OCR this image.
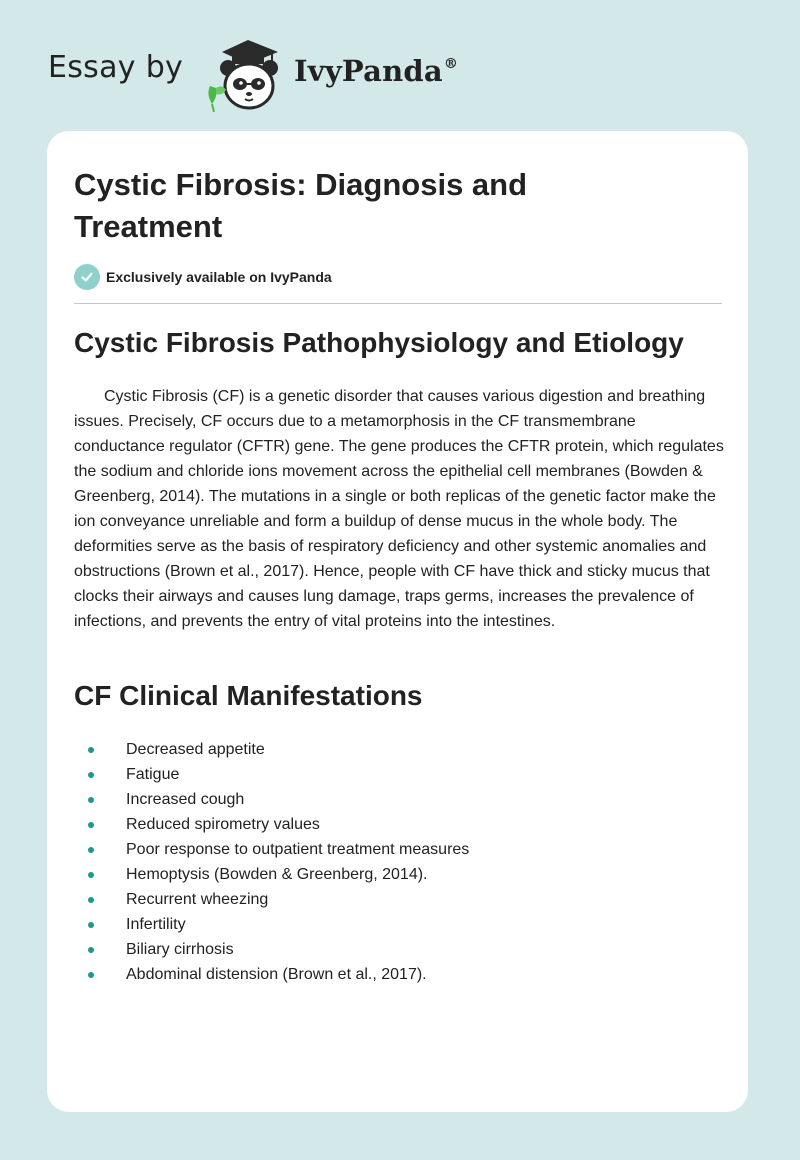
Essay by	IvyPanda®
Cystic Fibrosis: Diagnosis and Treatment
Exclusively available on IvyPanda
Cystic Fibrosis Pathophysiology and Etiology

Cystic Fibrosis (CF) is a genetic disorder that causes various digestion and breathing issues. Precisely, CF occurs due to a metamorphosis in the CF transmembrane conductance regulator (CFTR) gene. The gene produces the CFTR protein, which regulates the sodium and chloride ions movement across the epithelial cell membranes (Bowden & Greenberg, 2014). The mutations in a single or both replicas of the genetic factor make the ion conveyance unreliable and form a buildup of dense mucus in the whole body. The deformities serve as the basis of respiratory deficiency and other systemic anomalies and obstructions (Brown et al., 2017). Hence, people with CF have thick and sticky mucus that clocks their airways and causes lung damage, traps germs, increases the prevalence of infections, and prevents the entry of vital proteins into the intestines.

CF Clinical Manifestations
Decreased appetite
Fatigue
Increased cough
Reduced spirometry values
Poor response to outpatient treatment measures
Hemoptysis (Bowden & Greenberg, 2014).
Recurrent wheezing
Infertility
Biliary cirrhosis
Abdominal distension (Brown et al., 2017).
